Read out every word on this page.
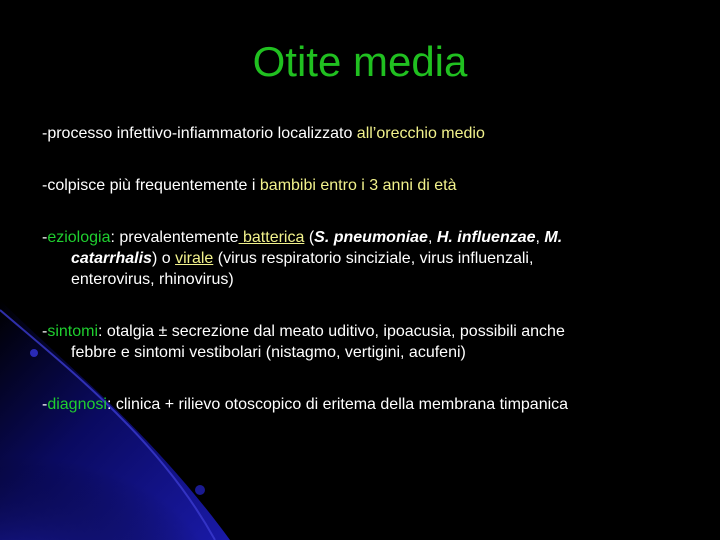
Otite media
-processo infettivo-infiammatorio localizzato all’orecchio medio
-colpisce più frequentemente i bambibi entro i 3 anni di età
-eziologia: prevalentemente batterica (S. pneumoniae, H. influenzae, M.
catarrhalis) o virale (virus respiratorio sinciziale, virus influenzali,
enterovirus, rhinovirus)
-sintomi: otalgia ± secrezione dal meato uditivo, ipoacusia, possibili anche
febbre e sintomi vestibolari (nistagmo, vertigini, acufeni)
-diagnosi: clinica + rilievo otoscopico di eritema della membrana timpanica
